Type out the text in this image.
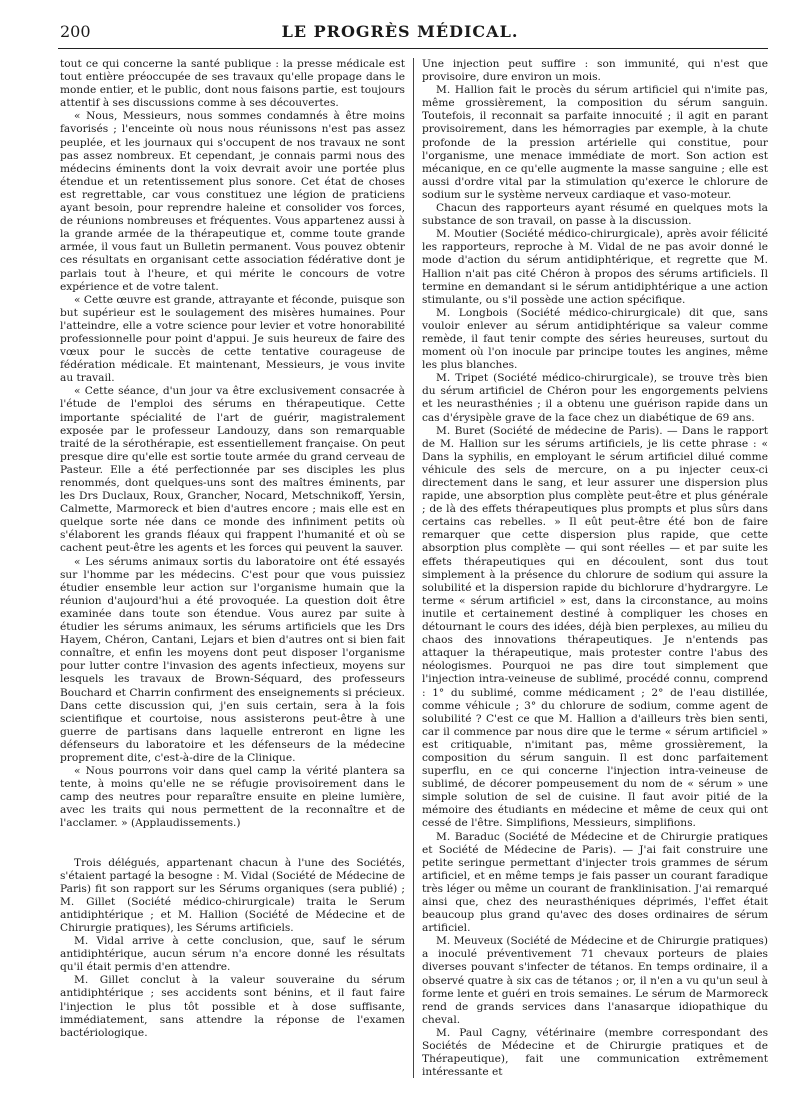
200	LE PROGRÈS MÉDICAL.

tout ce qui concerne la santé publique : la presse médicale est tout entière préoccupée de ses travaux qu'elle propage dans le monde entier, et le public, dont nous faisons partie, est toujours attentif à ses discussions comme à ses découvertes.

« Nous, Messieurs, nous sommes condamnés à être moins favorisés ; l'enceinte où nous nous réunissons n'est pas assez peuplée, et les journaux qui s'occupent de nos travaux ne sont pas assez nombreux. Et cependant, je connais parmi nous des médecins éminents dont la voix devrait avoir une portée plus étendue et un retentissement plus sonore. Cet état de choses est regrettable, car vous constituez une légion de praticiens ayant besoin, pour reprendre haleine et consolider vos forces, de réunions nombreuses et fréquentes. Vous appartenez aussi à la grande armée de la thérapeutique et, comme toute grande armée, il vous faut un Bulletin permanent. Vous pouvez obtenir ces résultats en organisant cette association fédérative dont je parlais tout à l'heure, et qui mérite le concours de votre expérience et de votre talent.

« Cette œuvre est grande, attrayante et féconde, puisque son but supérieur est le soulagement des misères humaines. Pour l'atteindre, elle a votre science pour levier et votre honorabilité professionnelle pour point d'appui. Je suis heureux de faire des vœux pour le succès de cette tentative courageuse de fédération médicale. Et maintenant, Messieurs, je vous invite au travail.

« Cette séance, d'un jour va être exclusivement consacrée à l'étude de l'emploi des sérums en thérapeutique. Cette importante spécialité de l'art de guérir, magistralement exposée par le professeur Landouzy, dans son remarquable traité de la sérothérapie, est essentiellement française. On peut presque dire qu'elle est sortie toute armée du grand cerveau de Pasteur. Elle a été perfectionnée par ses disciples les plus renommés, dont quelques-uns sont des maîtres éminents, par les Drs Duclaux, Roux, Grancher, Nocard, Metschnikoff, Yersin, Calmette, Marmoreck et bien d'autres encore ; mais elle est en quelque sorte née dans ce monde des infiniment petits où s'élaborent les grands fléaux qui frappent l'humanité et où se cachent peut-être les agents et les forces qui peuvent la sauver.

« Les sérums animaux sortis du laboratoire ont été essayés sur l'homme par les médecins. C'est pour que vous puissiez étudier ensemble leur action sur l'organisme humain que la réunion d'aujourd'hui a été provoquée. La question doit être examinée dans toute son étendue. Vous aurez par suite à étudier les sérums animaux, les sérums artificiels que les Drs Hayem, Chéron, Cantani, Lejars et bien d'autres ont si bien fait connaître, et enfin les moyens dont peut disposer l'organisme pour lutter contre l'invasion des agents infectieux, moyens sur lesquels les travaux de Brown-Séquard, des professeurs Bouchard et Charrin confirment des enseignements si précieux. Dans cette discussion qui, j'en suis certain, sera à la fois scientifique et courtoise, nous assisterons peut-être à une guerre de partisans dans laquelle entreront en ligne les défenseurs du laboratoire et les défenseurs de la médecine proprement dite, c'est-à-dire de la Clinique.

« Nous pourrons voir dans quel camp la vérité plantera sa tente, à moins qu'elle ne se réfugie provisoirement dans le camp des neutres pour reparaître ensuite en pleine lumière, avec les traits qui nous permettent de la reconnaître et de l'acclamer. » (Applaudissements.)

Trois délégués, appartenant chacun à l'une des Sociétés, s'étaient partagé la besogne : M. Vidal (Société de Médecine de Paris) fit son rapport sur les Sérums organiques (sera publié) ; M. Gillet (Société médico-chirurgicale) traita le Serum antidiphtérique ; et M. Hallion (Société de Médecine et de Chirurgie pratiques), les Sérums artificiels.

M. Vidal arrive à cette conclusion, que, sauf le sérum antidiphtérique, aucun sérum n'a encore donné les résultats qu'il était permis d'en attendre.

M. Gillet conclut à la valeur souveraine du sérum antidiphtérique ; ses accidents sont bénins, et il faut faire l'injection le plus tôt possible et à dose suffisante, immédiatement, sans attendre la réponse de l'examen bactériologique.

Une injection peut suffire : son immunité, qui n'est que provisoire, dure environ un mois.

M. Hallion fait le procès du sérum artificiel qui n'imite pas, même grossièrement, la composition du sérum sanguin. Toutefois, il reconnait sa parfaite innocuité ; il agit en parant provisoirement, dans les hémorragies par exemple, à la chute profonde de la pression artérielle qui constitue, pour l'organisme, une menace immédiate de mort. Son action est mécanique, en ce qu'elle augmente la masse sanguine ; elle est aussi d'ordre vital par la stimulation qu'exerce le chlorure de sodium sur le système nerveux cardiaque et vaso-moteur.

Chacun des rapporteurs ayant résumé en quelques mots la substance de son travail, on passe à la discussion.

M. Moutier (Société médico-chirurgicale), après avoir félicité les rapporteurs, reproche à M. Vidal de ne pas avoir donné le mode d'action du sérum antidiphtérique, et regrette que M. Hallion n'ait pas cité Chéron à propos des sérums artificiels. Il termine en demandant si le sérum antidiphtérique a une action stimulante, ou s'il possède une action spécifique.

M. Longbois (Société médico-chirurgicale) dit que, sans vouloir enlever au sérum antidiphtérique sa valeur comme remède, il faut tenir compte des séries heureuses, surtout du moment où l'on inocule par principe toutes les angines, même les plus blanches.

M. Tripet (Société médico-chirurgicale), se trouve très bien du sérum artificiel de Chéron pour les engorgements pelviens et les neurasthénies ; il a obtenu une guérison rapide dans un cas d'érysipèle grave de la face chez un diabétique de 69 ans.

M. Buret (Société de médecine de Paris). — Dans le rapport de M. Hallion sur les sérums artificiels, je lis cette phrase : « Dans la syphilis, en employant le sérum artificiel dilué comme véhicule des sels de mercure, on a pu injecter ceux-ci directement dans le sang, et leur assurer une dispersion plus rapide, une absorption plus complète peut-être et plus générale ; de là des effets thérapeutiques plus prompts et plus sûrs dans certains cas rebelles. » Il eût peut-être été bon de faire remarquer que cette dispersion plus rapide, que cette absorption plus complète — qui sont réelles — et par suite les effets thérapeutiques qui en découlent, sont dus tout simplement à la présence du chlorure de sodium qui assure la solubilité et la dispersion rapide du bichlorure d'hydrargyre. Le terme « sérum artificiel » est, dans la circonstance, au moins inutile et certainement destiné à compliquer les choses en détournant le cours des idées, déjà bien perplexes, au milieu du chaos des innovations thérapeutiques. Je n'entends pas attaquer la thérapeutique, mais protester contre l'abus des néologismes. Pourquoi ne pas dire tout simplement que l'injection intra-veineuse de sublimé, procédé connu, comprend : 1° du sublimé, comme médicament ; 2° de l'eau distillée, comme véhicule ; 3° du chlorure de sodium, comme agent de solubilité ? C'est ce que M. Hallion a d'ailleurs très bien senti, car il commence par nous dire que le terme « sérum artificiel » est critiquable, n'imitant pas, même grossièrement, la composition du sérum sanguin. Il est donc parfaitement superflu, en ce qui concerne l'injection intra-veineuse de sublimé, de décorer pompeusement du nom de « sérum » une simple solution de sel de cuisine. Il faut avoir pitié de la mémoire des étudiants en médecine et même de ceux qui ont cessé de l'être. Simplifions, Messieurs, simplifions.

M. Baraduc (Société de Médecine et de Chirurgie pratiques et Société de Médecine de Paris). — J'ai fait construire une petite seringue permettant d'injecter trois grammes de sérum artificiel, et en même temps je fais passer un courant faradique très léger ou même un courant de franklinisation. J'ai remarqué ainsi que, chez des neurasthéniques déprimés, l'effet était beaucoup plus grand qu'avec des doses ordinaires de sérum artificiel.

M. Meuveux (Société de Médecine et de Chirurgie pratiques) a inoculé préventivement 71 chevaux porteurs de plaies diverses pouvant s'infecter de tétanos. En temps ordinaire, il a observé quatre à six cas de tétanos ; or, il n'en a vu qu'un seul à forme lente et guéri en trois semaines. Le sérum de Marmoreck rend de grands services dans l'anasarque idiopathique du cheval.

M. Paul Cagny, vétérinaire (membre correspondant des Sociétés de Médecine et de Chirurgie pratiques et de Thérapeutique), fait une communication extrêmement intéressante et
